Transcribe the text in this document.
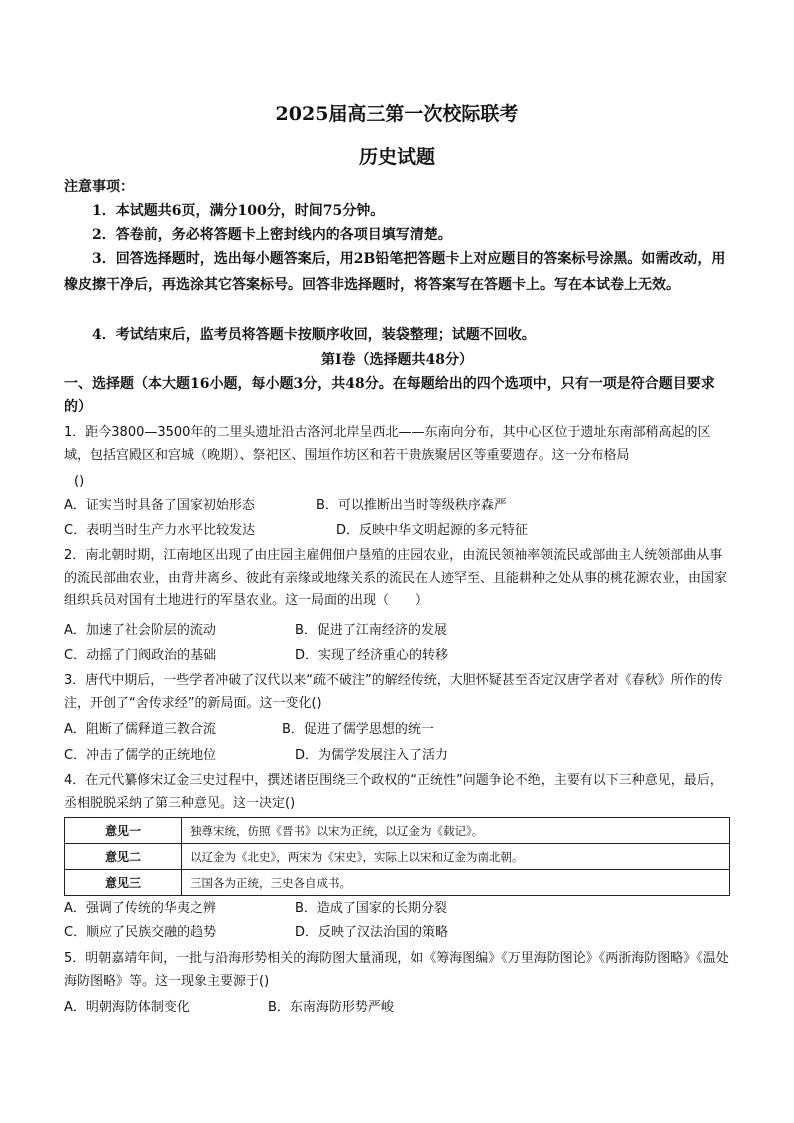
2025届高三第一次校际联考
历史试题
注意事项：
1．本试题共6页，满分100分，时间75分钟。
2．答卷前，务必将答题卡上密封线内的各项目填写清楚。
3．回答选择题时，选出每小题答案后，用2B铅笔把答题卡上对应题目的答案标号涂黑。如需改动，用橡皮擦干净后，再选涂其它答案标号。回答非选择题时，将答案写在答题卡上。写在本试卷上无效。
4．考试结束后，监考员将答题卡按顺序收回，装袋整理；试题不回收。
第Ⅰ卷（选择题共48分）
一、选择题（本大题16小题，每小题3分，共48分。在每题给出的四个选项中，只有一项是符合题目要求的）
1．距今3800—3500年的二里头遗址沿古洛河北岸呈西北——东南向分布，其中心区位于遗址东南部稍高起的区域，包括宫殿区和宫城（晚期）、祭祀区、围垣作坊区和若干贵族聚居区等重要遗存。这一分布格局
()
A．证实当时具备了国家初始形态	B．可以推断出当时等级秩序森严
C．表明当时生产力水平比较发达	D．反映中华文明起源的多元特征
2．南北朝时期，江南地区出现了由庄园主雇佣佃户垦殖的庄园农业，由流民领袖率领流民或部曲主人统领部曲从事的流民部曲农业，由背井离乡、彼此有亲缘或地缘关系的流民在人迹罕至、且能耕种之处从事的桃花源农业，由国家组织兵员对国有土地进行的军垦农业。这一局面的出现（　　）
A．加速了社会阶层的流动	B．促进了江南经济的发展
C．动摇了门阀政治的基础	D．实现了经济重心的转移
3．唐代中期后，一些学者冲破了汉代以来“疏不破注”的解经传统，大胆怀疑甚至否定汉唐学者对《春秋》所作的传注，开创了“舍传求经”的新局面。这一变化()
A．阻断了儒释道三教合流	B．促进了儒学思想的统一
C．冲击了儒学的正统地位	D．为儒学发展注入了活力
4．在元代纂修宋辽金三史过程中，撰述诸臣围绕三个政权的“正统性”问题争论不绝，主要有以下三种意见，最后，丞相脱脱采纳了第三种意见。这一决定()
意见一	独尊宋统，仿照《晋书》以宋为正统，以辽金为《载记》。
意见二	以辽金为《北史》，两宋为《宋史》，实际上以宋和辽金为南北朝。
意见三	三国各为正统，三史各自成书。
A．强调了传统的华夷之辨	B．造成了国家的长期分裂
C．顺应了民族交融的趋势	D．反映了汉法治国的策略
5．明朝嘉靖年间，一批与沿海形势相关的海防图大量涌现，如《筹海图编》《万里海防图论》《两浙海防图略》《温处海防图略》等。这一现象主要源于()
A．明朝海防体制变化	B．东南海防形势严峻
